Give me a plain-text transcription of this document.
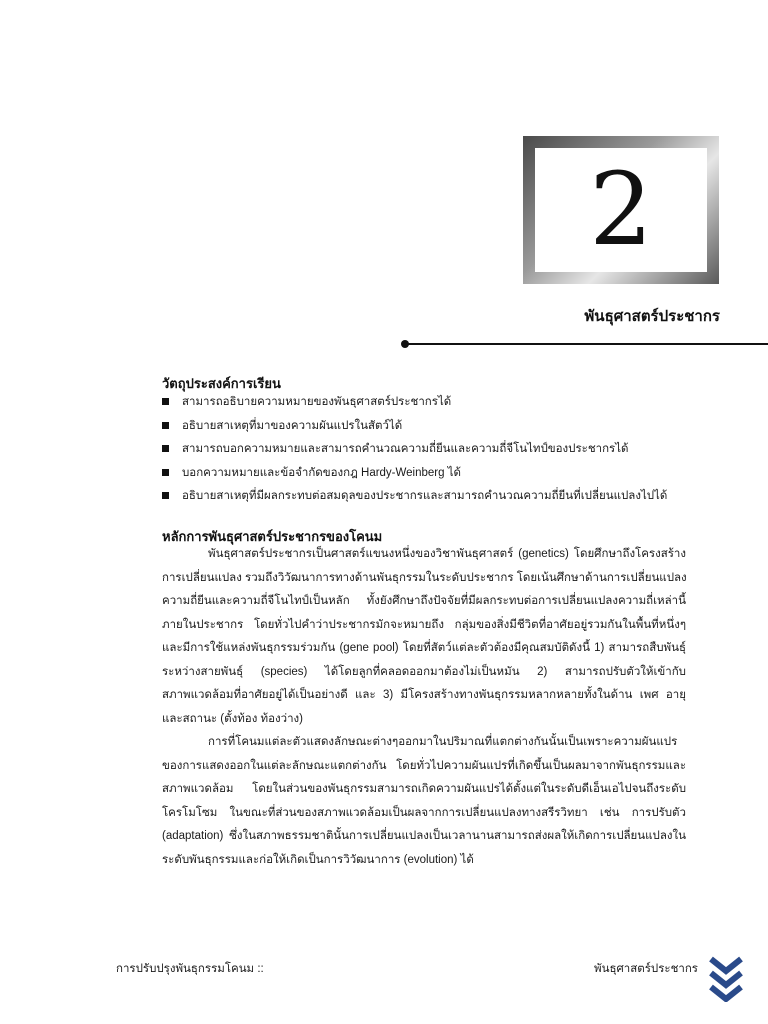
2
พันธุศาสตร์ประชากร
วัตถุประสงค์การเรียน
สามารถอธิบายความหมายของพันธุศาสตร์ประชากรได้
อธิบายสาเหตุที่มาของความผันแปรในสัตว์ได้
สามารถบอกความหมายและสามารถคำนวณความถี่ยีนและความถี่จีโนไทป์ของประชากรได้
บอกความหมายและข้อจำกัดของกฎ Hardy-Weinberg ได้
อธิบายสาเหตุที่มีผลกระทบต่อสมดุลของประชากรและสามารถคำนวณความถี่ยีนที่เปลี่ยนแปลงไปได้
หลักการพันธุศาสตร์ประชากรของโคนม
พันธุศาสตร์ประชากรเป็นศาสตร์แขนงหนึ่งของวิชาพันธุศาสตร์ (genetics) โดยศึกษาถึงโครงสร้าง
การเปลี่ยนแปลง รวมถึงวิวัฒนาการทางด้านพันธุกรรมในระดับประชากร โดยเน้นศึกษาด้านการเปลี่ยนแปลง
ความถี่ยีนและความถี่จีโนไทป์เป็นหลัก ทั้งยังศึกษาถึงปัจจัยที่มีผลกระทบต่อการเปลี่ยนแปลงความถี่เหล่านี้
ภายในประชากร โดยทั่วไปคำว่าประชากรมักจะหมายถึง กลุ่มของสิ่งมีชีวิตที่อาศัยอยู่รวมกันในพื้นที่หนึ่งๆ
และมีการใช้แหล่งพันธุกรรมร่วมกัน (gene pool) โดยที่สัตว์แต่ละตัวต้องมีคุณสมบัติดังนี้ 1) สามารถสืบพันธุ์
ระหว่างสายพันธุ์ (species) ได้โดยลูกที่คลอดออกมาต้องไม่เป็นหมัน 2) สามารถปรับตัวให้เข้ากับ
สภาพแวดล้อมที่อาศัยอยู่ได้เป็นอย่างดี และ 3) มีโครงสร้างทางพันธุกรรมหลากหลายทั้งในด้าน เพศ อายุ
และสถานะ (ตั้งท้อง ท้องว่าง)
การที่โคนมแต่ละตัวแสดงลักษณะต่างๆออกมาในปริมาณที่แตกต่างกันนั้นเป็นเพราะความผันแปร
ของการแสดงออกในแต่ละลักษณะแตกต่างกัน โดยทั่วไปความผันแปรที่เกิดขึ้นเป็นผลมาจากพันธุกรรมและ
สภาพแวดล้อม โดยในส่วนของพันธุกรรมสามารถเกิดความผันแปรได้ตั้งแต่ในระดับดีเอ็นเอไปจนถึงระดับ
โครโมโซม ในขณะที่ส่วนของสภาพแวดล้อมเป็นผลจากการเปลี่ยนแปลงทางสรีรวิทยา เช่น การปรับตัว
(adaptation) ซึ่งในสภาพธรรมชาตินั้นการเปลี่ยนแปลงเป็นเวลานานสามารถส่งผลให้เกิดการเปลี่ยนแปลงใน
ระดับพันธุกรรมและก่อให้เกิดเป็นการวิวัฒนาการ (evolution) ได้
การปรับปรุงพันธุกรรมโคนม ::	พันธุศาสตร์ประชากร
